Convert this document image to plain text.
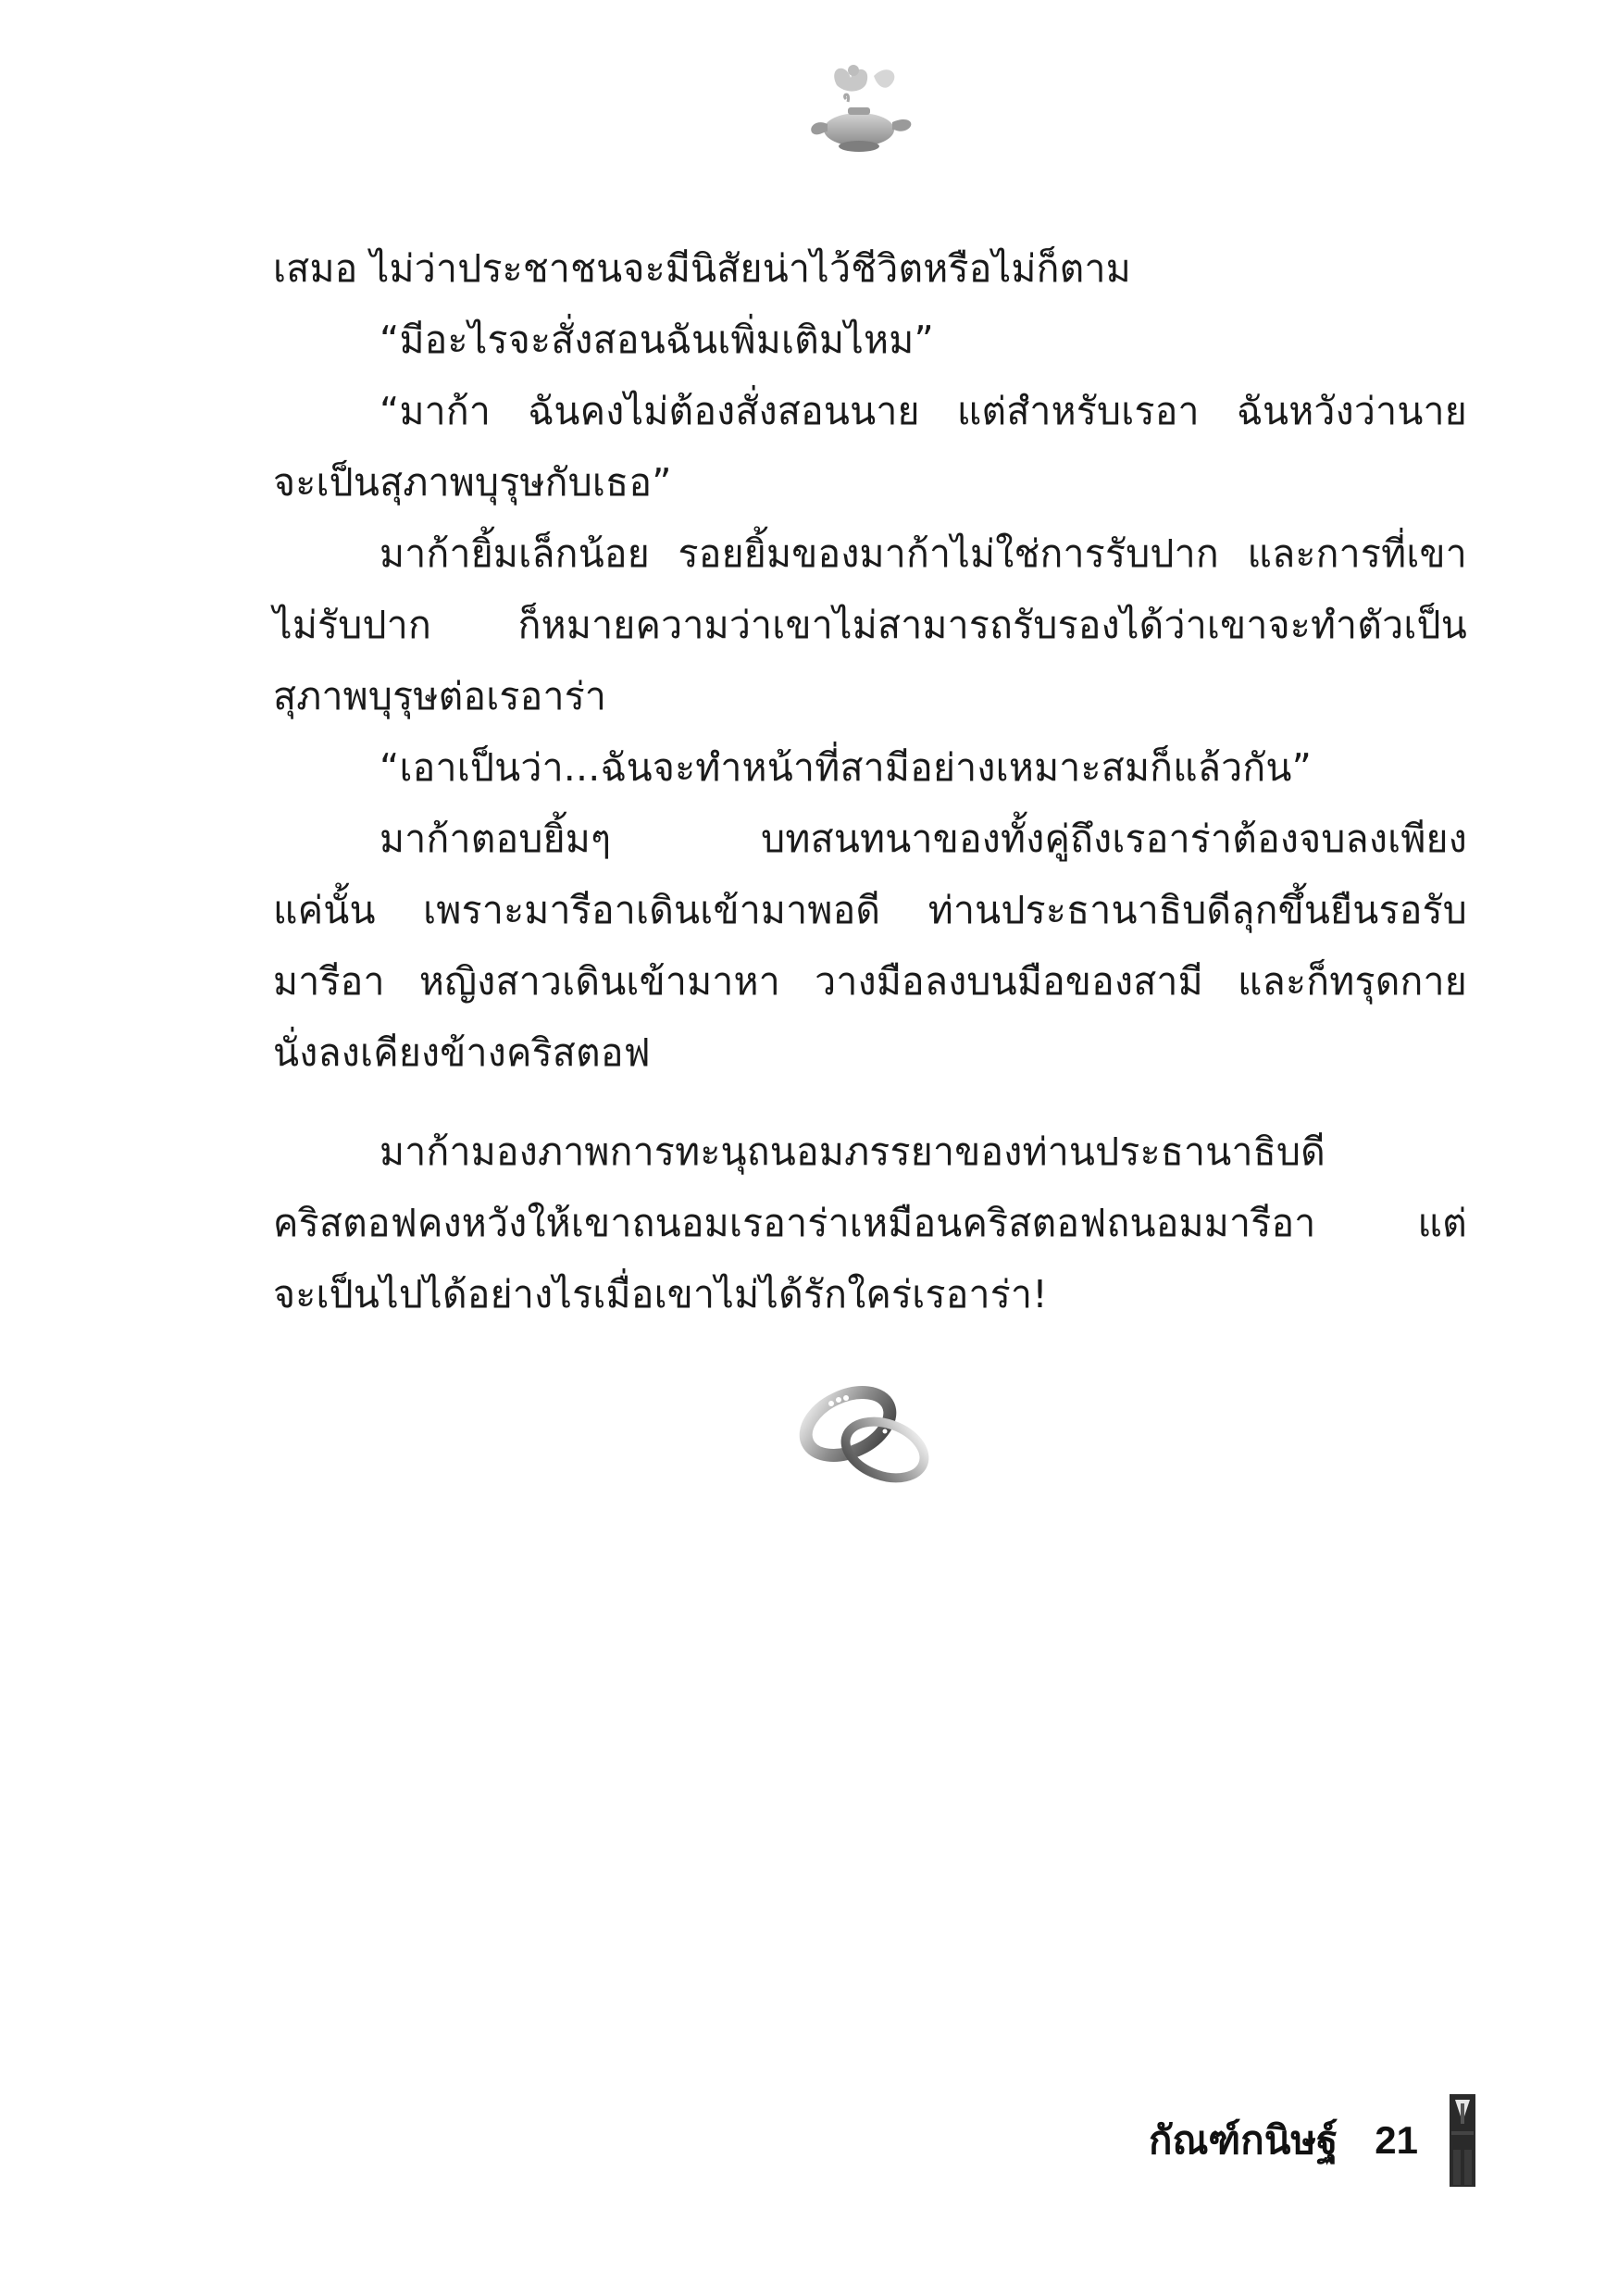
เสมอ ไม่ว่าประชาชนจะมีนิสัยน่าไว้ชีวิตหรือไม่ก็ตาม
“มีอะไรจะสั่งสอนฉันเพิ่มเติมไหม”
“มาก้า ฉันคงไม่ต้องสั่งสอนนาย แต่สำหรับเรอา ฉันหวังว่านาย
จะเป็นสุภาพบุรุษกับเธอ”
มาก้ายิ้มเล็กน้อย รอยยิ้มของมาก้าไม่ใช่การรับปาก และการที่เขา
ไม่รับปาก ก็หมายความว่าเขาไม่สามารถรับรองได้ว่าเขาจะทำตัวเป็น
สุภาพบุรุษต่อเรอาร่า
“เอาเป็นว่า...ฉันจะทำหน้าที่สามีอย่างเหมาะสมก็แล้วกัน”
มาก้าตอบยิ้มๆ บทสนทนาของทั้งคู่ถึงเรอาร่าต้องจบลงเพียง
แค่นั้น เพราะมารีอาเดินเข้ามาพอดี ท่านประธานาธิบดีลุกขึ้นยืนรอรับ
มารีอา หญิงสาวเดินเข้ามาหา วางมือลงบนมือของสามี และก็ทรุดกาย
นั่งลงเคียงข้างคริสตอฟ
มาก้ามองภาพการทะนุถนอมภรรยาของท่านประธานาธิบดี
คริสตอฟคงหวังให้เขาถนอมเรอาร่าเหมือนคริสตอฟถนอมมารีอา แต่
จะเป็นไปได้อย่างไรเมื่อเขาไม่ได้รักใคร่เรอาร่า!
กัณฑ์กนิษฐ์ 21
